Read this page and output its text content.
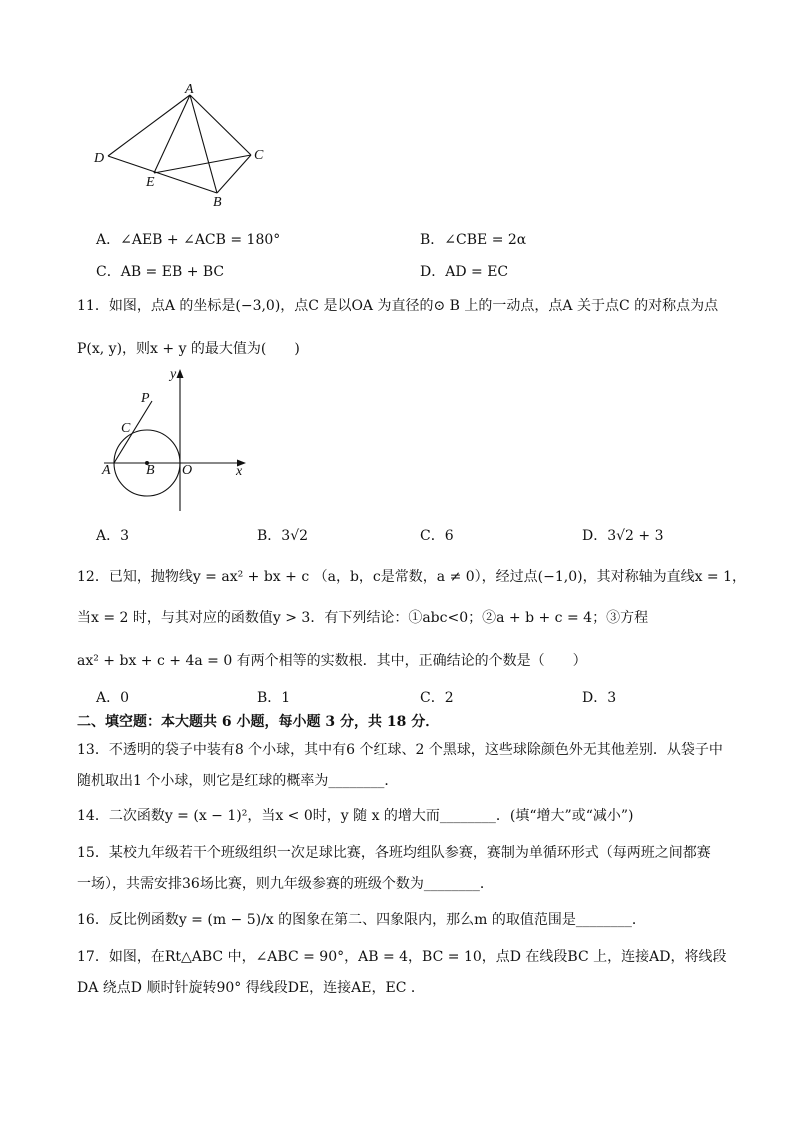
A
D	C
E
B
A．∠AEB + ∠ACB = 180°	B．∠CBE = 2α
C．AB = EB + BC	D．AD = EC
11．如图，点A 的坐标是(−3,0)，点C 是以OA 为直径的⊙ B 上的一动点，点A 关于点C 的对称点为点
P(x, y)，则x + y 的最大值为(　　)
y
x
P
C
A	B O
A．3	B．3√2	C．6	D．3√2 + 3
12．已知，抛物线y = ax² + bx + c （a，b，c是常数，a ≠ 0），经过点(−1,0)，其对称轴为直线x = 1，
当x = 2 时，与其对应的函数值y > 3．有下列结论：①abc<0；②a + b + c = 4；③方程
ax² + bx + c + 4a = 0 有两个相等的实数根．其中，正确结论的个数是（　　）
A．0	B．1	C．2	D．3
二、填空题：本大题共 6 小题，每小题 3 分，共 18 分．
13．不透明的袋子中装有8 个小球，其中有6 个红球、2 个黑球，这些球除颜色外无其他差别．从袋子中
随机取出1 个小球，则它是红球的概率为________．
14．二次函数y = (x − 1)²，当x < 0时，y 随 x 的增大而________．(填“增大”或“减小”)
15．某校九年级若干个班级组织一次足球比赛，各班均组队参赛，赛制为单循环形式（每两班之间都赛
一场），共需安排36场比赛，则九年级参赛的班级个数为________．
16．反比例函数y = (m − 5)/x 的图象在第二、四象限内，那么m 的取值范围是________．
17．如图，在Rt△ABC 中，∠ABC = 90°，AB = 4，BC = 10，点D 在线段BC 上，连接AD，将线段
DA 绕点D 顺时针旋转90° 得线段DE，连接AE，EC ．
